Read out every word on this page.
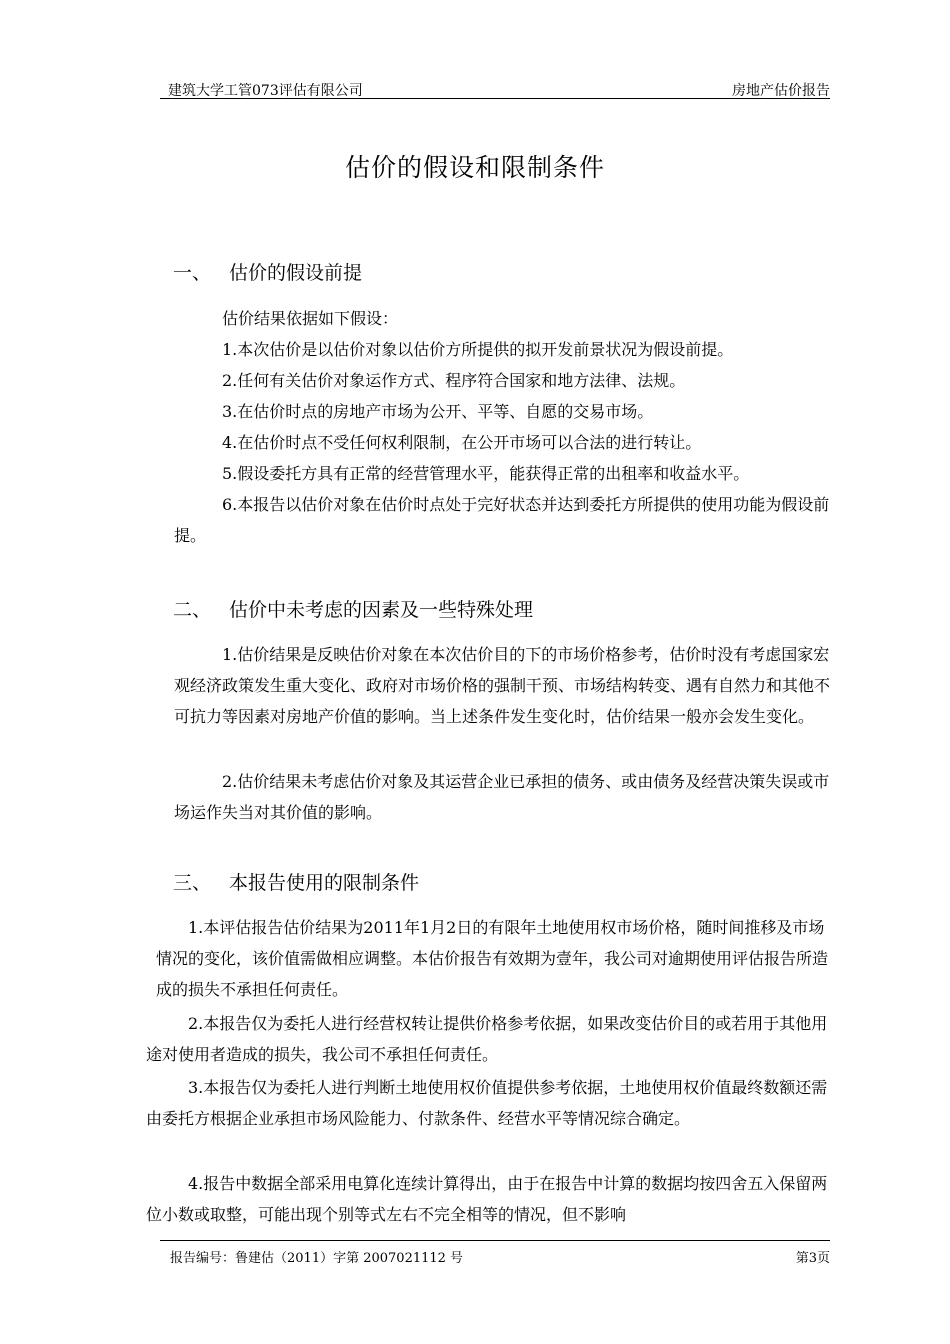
建筑大学工管073评估有限公司	房地产估价报告
估价的假设和限制条件
一、 估价的假设前提

估价结果依据如下假设：

1.本次估价是以估价对象以估价方所提供的拟开发前景状况为假设前提。

2.任何有关估价对象运作方式、程序符合国家和地方法律、法规。

3.在估价时点的房地产市场为公开、平等、自愿的交易市场。

4.在估价时点不受任何权利限制，在公开市场可以合法的进行转让。

5.假设委托方具有正常的经营管理水平，能获得正常的出租率和收益水平。

6.本报告以估价对象在估价时点处于完好状态并达到委托方所提供的使用功能为假设前提。

二、 估价中未考虑的因素及一些特殊处理

1.估价结果是反映估价对象在本次估价目的下的市场价格参考，估价时没有考虑国家宏观经济政策发生重大变化、政府对市场价格的强制干预、市场结构转变、遇有自然力和其他不可抗力等因素对房地产价值的影响。当上述条件发生变化时，估价结果一般亦会发生变化。

2.估价结果未考虑估价对象及其运营企业已承担的债务、或由债务及经营决策失误或市场运作失当对其价值的影响。

三、 本报告使用的限制条件

1.本评估报告估价结果为2011年1月2日的有限年土地使用权市场价格，随时间推移及市场情况的变化，该价值需做相应调整。本估价报告有效期为壹年，我公司对逾期使用评估报告所造成的损失不承担任何责任。

2.本报告仅为委托人进行经营权转让提供价格参考依据，如果改变估价目的或若用于其他用途对使用者造成的损失，我公司不承担任何责任。

3.本报告仅为委托人进行判断土地使用权价值提供参考依据，土地使用权价值最终数额还需由委托方根据企业承担市场风险能力、付款条件、经营水平等情况综合确定。

4.报告中数据全部采用电算化连续计算得出，由于在报告中计算的数据均按四舍五入保留两位小数或取整，可能出现个别等式左右不完全相等的情况，但不影响

报告编号：鲁建估（2011）字第 2007021112 号	第3页
